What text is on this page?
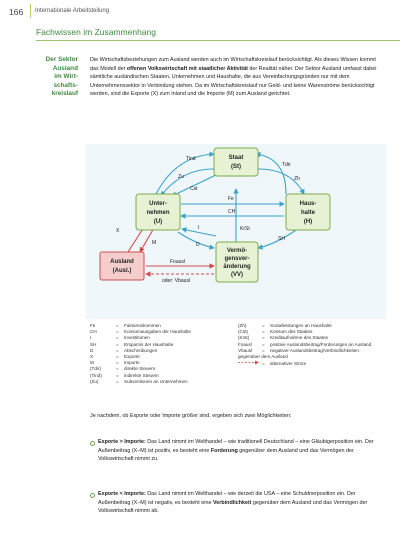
166 Internationale Arbeitsteilung
Fachwissen im Zusammenhang
Der Sektor
Ausland
im Wirt-
schafts-
kreislauf
Die Wirtschaftsbeziehungen zum Ausland werden auch im Wirtschaftskreislauf berücksichtigt. Als dieses Wissen kommt das Modell der offenen Volkswirtschaft mit staatlicher Aktivität der Realität näher. Der Sektor Ausland umfasst dabei sämtliche ausländischen Staaten, Unternehmen und Haushalte, die aus Vereinfachungsgründen nur mit dem Unternehmenssektor in Verbindung stehen. Da im Wirtschaftskreislauf nur Geld- und keine Warenströme berücksichtigt werden, sind die Exporte (X) zum Inland und die Importe (M) zum Ausland gerichtet.
Tind
Tdir
Zu
Cst
Zh
Fe
CH
KrSt
I
D
SH
X
M
Foausl
oder: Vbausl
Staat
(St)
Unter-
nehmen
(U)
Haus-
halte
(H)
Vermö-
gensver-
änderung
(VV)
Ausland
(Ausl.)
Fe	= Faktoreinkommen
CH	= Konsumausgaben der Haushalte
I	= Investitionen
SH	= Ersparnis der Haushalte
D	= Abschreibungen
X	= Exporte
M	= Importe
(Tdir)	= direkte Steuern
(Tind)	= indirekte Steuern
(Zu)	= Subventionen an Unternehmen
(Zh)	= Sozialleistungen an Haushalte
(Cst)	= Konsum des Staates
(Krst)	= Kreditaufnahme des Staates
Foausl = positive Auslandsbeitrag/Forderungen an Ausland
Vbausl = negativer Auslandsbeitrag/Verbindlichkeiten gegenüber dem Ausland
= alternativer Strom
Je nachdem, ob Exporte oder Importe größer sind, ergeben sich zwei Möglichkeiten:
Exporte > Importe: Das Land nimmt im Welthandel – wie traditionell Deutschland – eine Gläubigerposition ein. Der Außenbeitrag (X–M) ist positiv, es besteht eine Forderung gegenüber dem Ausland und das Vermögen der Volkswirtschaft nimmt zu.
Exporte < Importe: Das Land nimmt im Welthandel – wie derzeit die USA – eine Schuldnerposition ein. Der Außenbeitrag (X–M) ist negativ, es besteht eine Verbindlichkeit gegenüber dem Ausland und das Vermögen der Volkswirtschaft nimmt ab.
